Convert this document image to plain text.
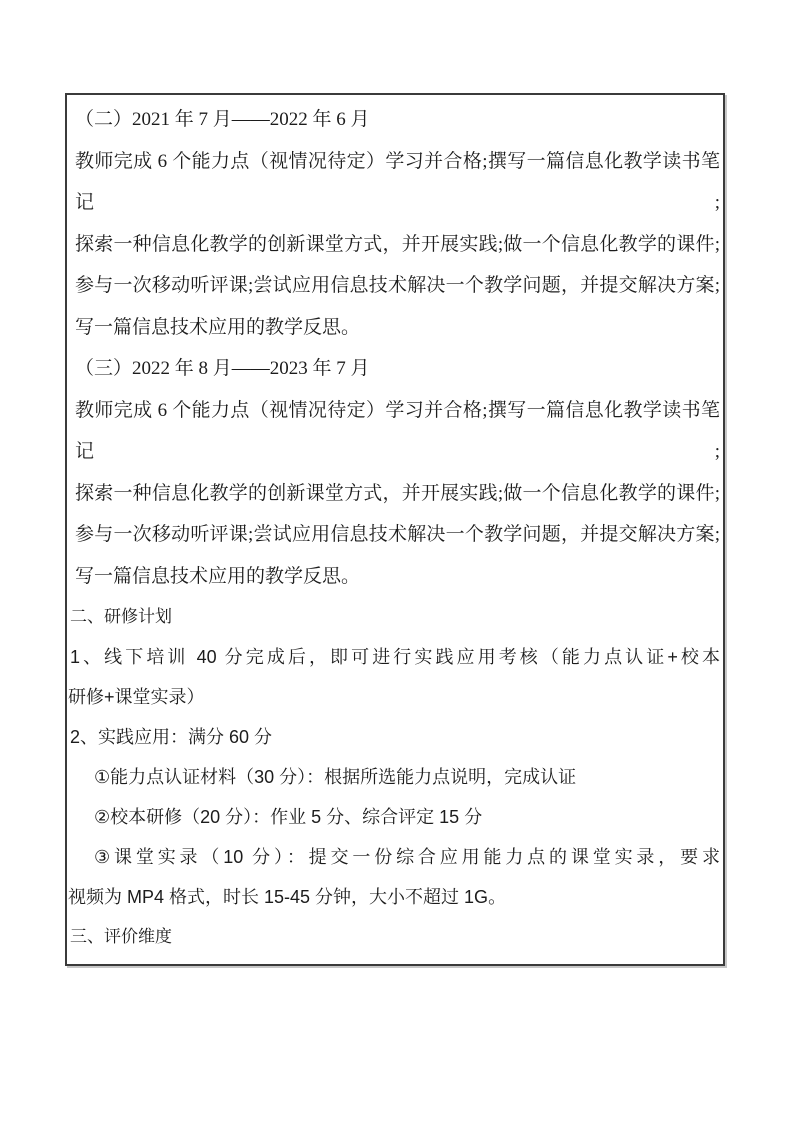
（二）2021 年 7 月——2022 年 6 月
教师完成 6 个能力点（视情况待定）学习并合格;撰写一篇信息化教学读书笔记;
探索一种信息化教学的创新课堂方式，并开展实践;做一个信息化教学的课件;
参与一次移动听评课;尝试应用信息技术解决一个教学问题，并提交解决方案;
写一篇信息技术应用的教学反思。
（三）2022 年 8 月——2023 年 7 月
教师完成 6 个能力点（视情况待定）学习并合格;撰写一篇信息化教学读书笔记;
探索一种信息化教学的创新课堂方式，并开展实践;做一个信息化教学的课件;
参与一次移动听评课;尝试应用信息技术解决一个教学问题，并提交解决方案;
写一篇信息技术应用的教学反思。
二、研修计划
1、线下培训 40 分完成后，即可进行实践应用考核（能力点认证+校本
研修+课堂实录）
2、实践应用：满分 60 分
①能力点认证材料（30 分）：根据所选能力点说明，完成认证
②校本研修（20 分）：作业 5 分、综合评定 15 分
③课堂实录（10 分）：提交一份综合应用能力点的课堂实录，要求
视频为 MP4 格式，时长 15-45 分钟，大小不超过 1G。
三、评价维度
